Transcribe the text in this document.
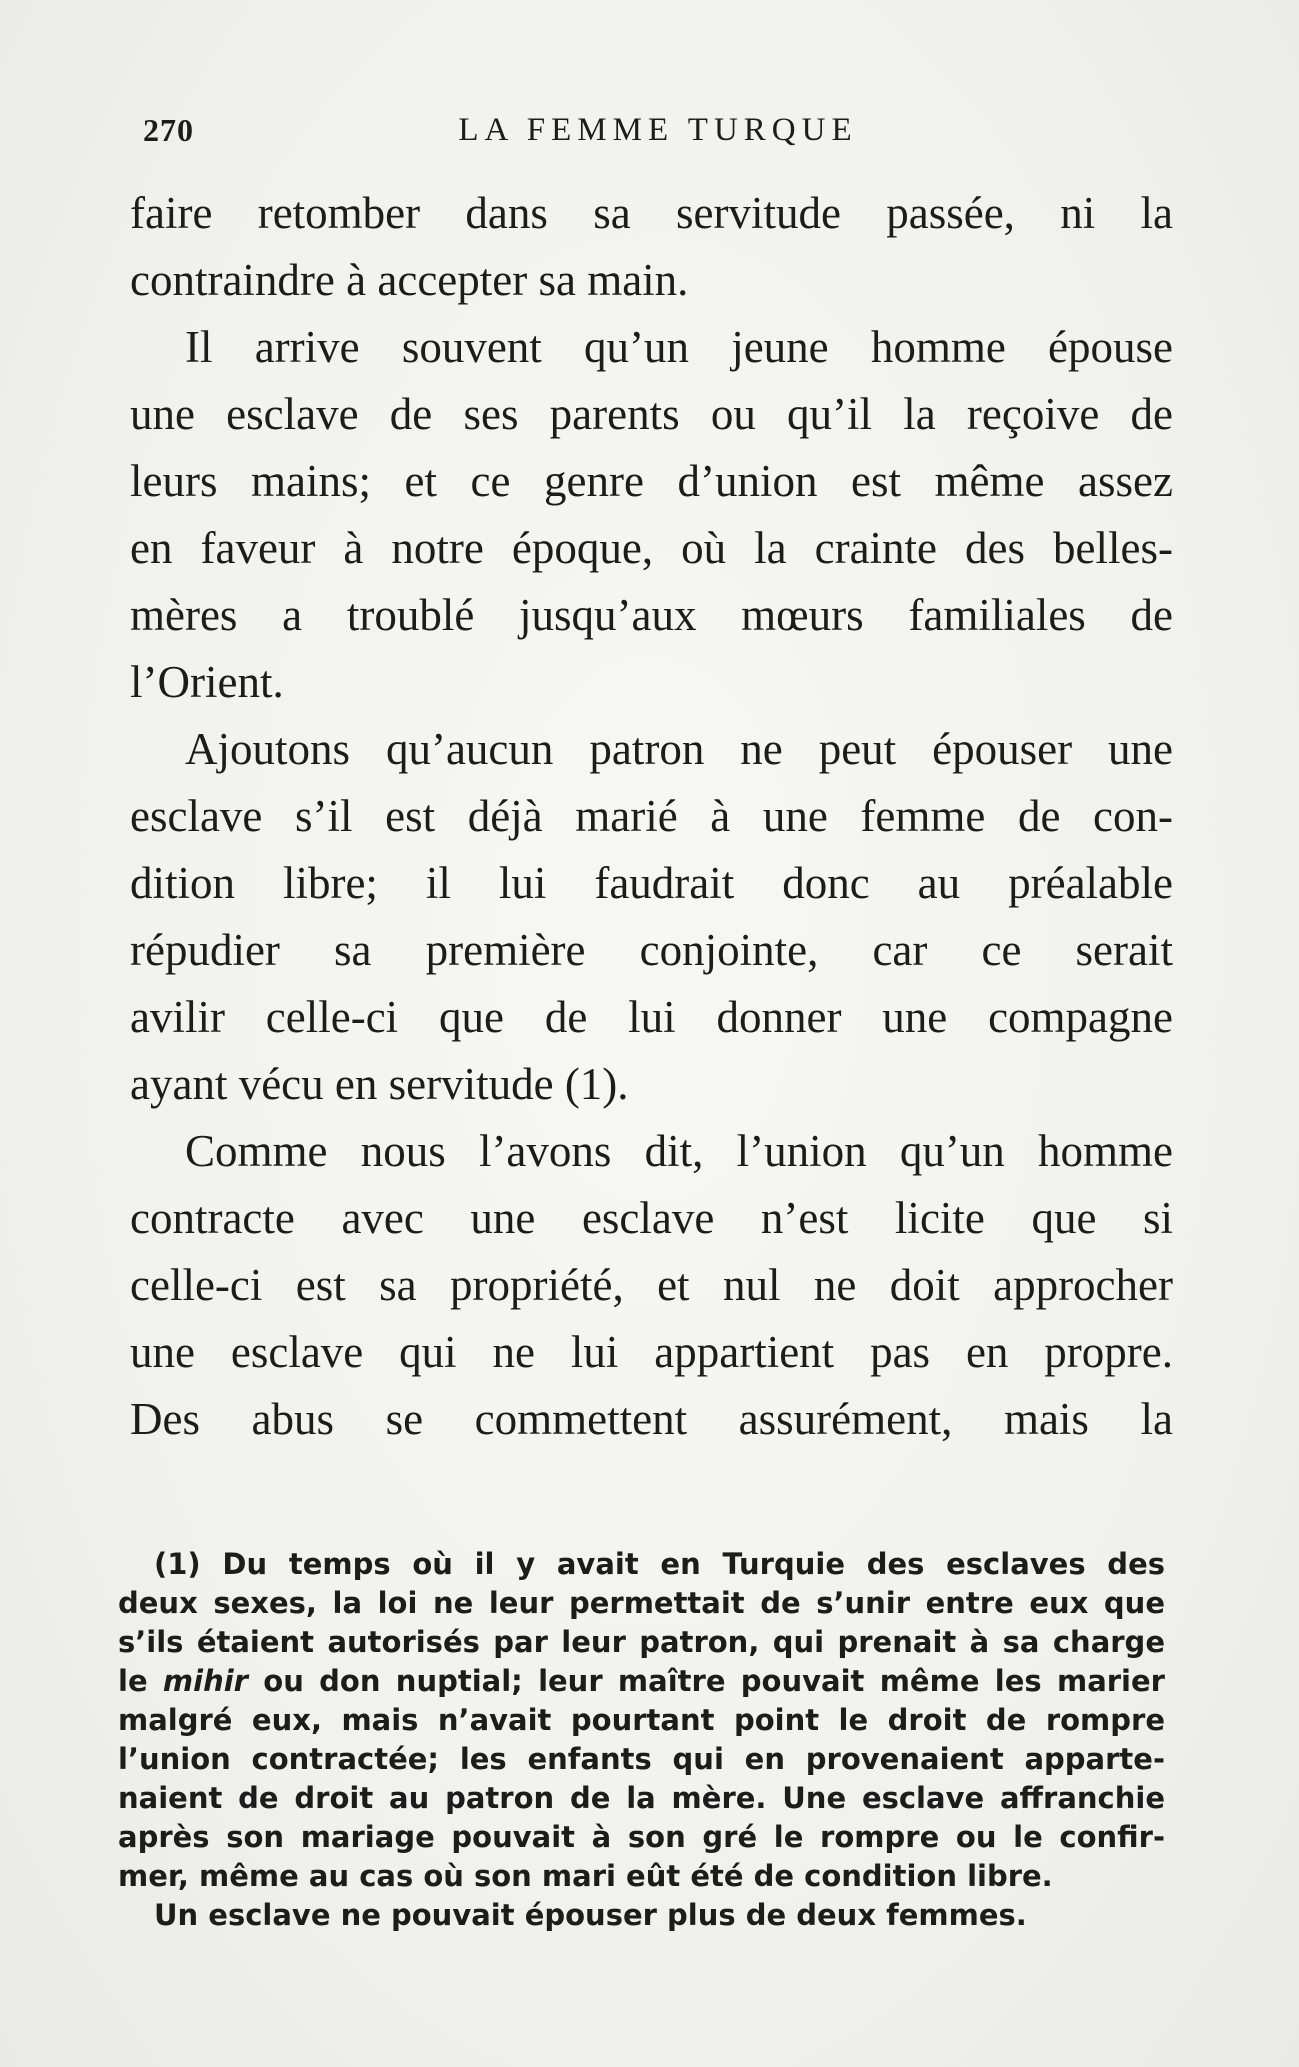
270	LA FEMME TURQUE
faire retomber dans sa servitude passée, ni la
contraindre à accepter sa main.
Il arrive souvent qu’un jeune homme épouse
une esclave de ses parents ou qu’il la reçoive de
leurs mains; et ce genre d’union est même assez
en faveur à notre époque, où la crainte des belles-
mères a troublé jusqu’aux mœurs familiales de
l’Orient.
Ajoutons qu’aucun patron ne peut épouser une
esclave s’il est déjà marié à une femme de con-
dition libre; il lui faudrait donc au préalable
répudier sa première conjointe, car ce serait
avilir celle-ci que de lui donner une compagne
ayant vécu en servitude (1).
Comme nous l’avons dit, l’union qu’un homme
contracte avec une esclave n’est licite que si
celle-ci est sa propriété, et nul ne doit approcher
une esclave qui ne lui appartient pas en propre.
Des abus se commettent assurément, mais la
(1) Du temps où il y avait en Turquie des esclaves des
deux sexes, la loi ne leur permettait de s’unir entre eux que
s’ils étaient autorisés par leur patron, qui prenait à sa charge
le mihir ou don nuptial; leur maître pouvait même les marier
malgré eux, mais n’avait pourtant point le droit de rompre
l’union contractée; les enfants qui en provenaient apparte-
naient de droit au patron de la mère. Une esclave affranchie
après son mariage pouvait à son gré le rompre ou le confir-
mer, même au cas où son mari eût été de condition libre.
Un esclave ne pouvait épouser plus de deux femmes.
